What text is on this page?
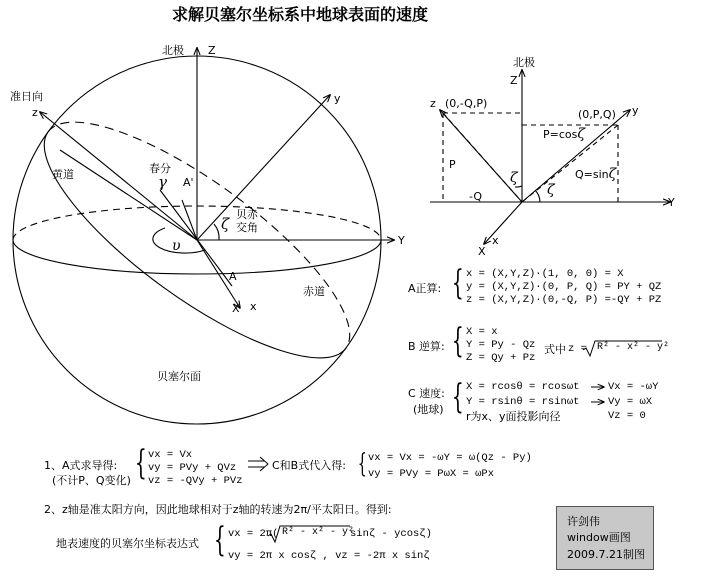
求解贝塞尔坐标系中地球表面的速度
北极 Z
Y
X x
y
z
准日向
黄道	春分
γ A'
A
υ
ζ
贝赤
交角
赤道
贝塞尔面
北极
Z
z (0,-Q,P)
(0,P,Q) y
P
P=cosζ
Q=sinζ
ζ
ζ
-Q	Y
X
x
A正算: { x = (X,Y,Z)·(1, 0, 0) = X
y = (X,Y,Z)·(0, P, Q) = PY + QZ
z = (X,Y,Z)·(0,-Q, P) =-QY + PZ
B 逆算: { X = x
Y = Py - Qz
Z = Qy + Pz
式中 z = R² - x² - y²
C 速度:
(地球) { X = rcosθ = rcosωt
Y = rsinθ = rsinωt
r为x、y面投影向径
Vx = -ωY
Vy = ωX
Vz = 0
1、A式求导得:
(不计P、Q变化) { vx = Vx
vy = PVy + QVz
vz = -QVy + PVz
C和B式代入得: { vx = Vx = -ωY = ω(Qz - Py)
vy = PVy = PωX = ωPx
2、z轴是准太阳方向，因此地球相对于z轴的转速为2π/平太阳日。得到:
地表速度的贝塞尔坐标表达式 { vx = 2π( R² - x² - y²
sinζ - ycosζ)
vy = 2π x cosζ , vz = -2π x sinζ
许剑伟
window画图
2009.7.21制图
